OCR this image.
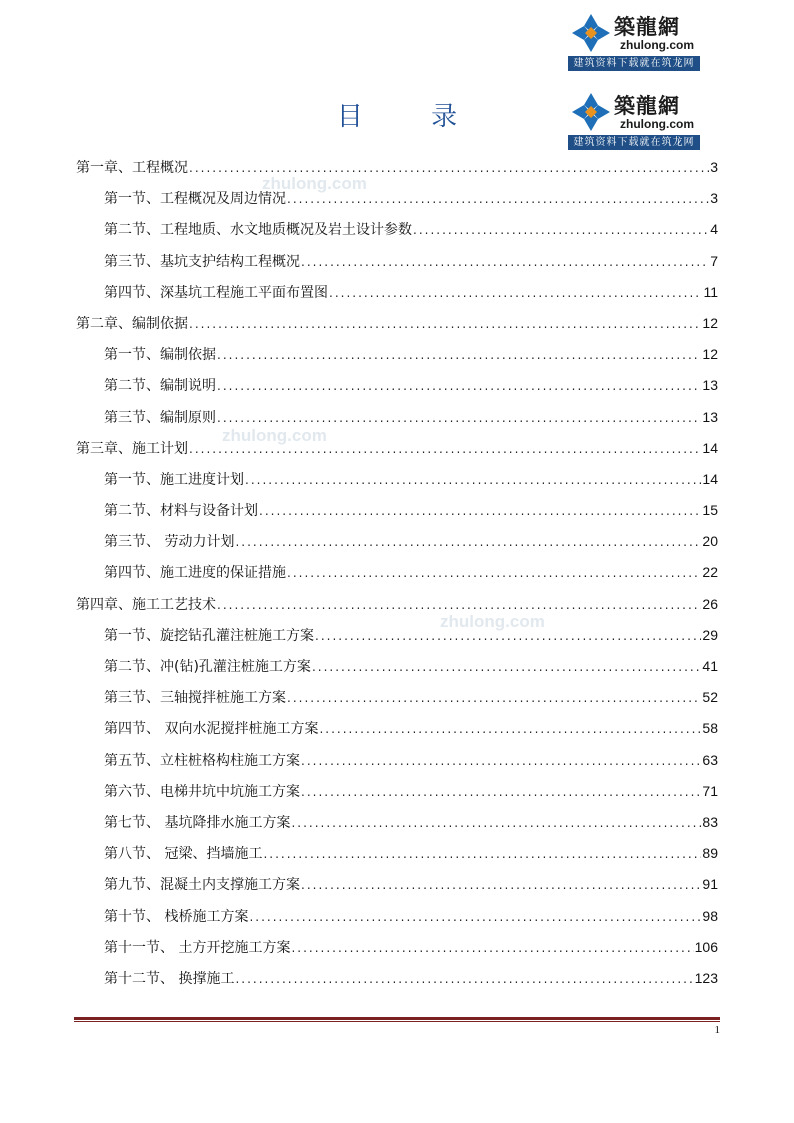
築龍網
zhulong.com
建筑资料下载就在筑龙网
築龍網
zhulong.com
建筑资料下载就在筑龙网
zhulong.com
zhulong.com
zhulong.com
目 录
第一章、工程概况 .....	3
第一节、工程概况及周边情况 .....	3
第二节、工程地质、水文地质概况及岩土设计参数 .....	4
第三节、基坑支护结构工程概况 .....	7
第四节、深基坑工程施工平面布置图 .....	11
第二章、编制依据 .....	12
第一节、编制依据 .....	12
第二节、编制说明 .....	13
第三节、编制原则 .....	13
第三章、施工计划 .....	14
第一节、施工进度计划 .....	14
第二节、材料与设备计划 .....	15
第三节、 劳动力计划 .....	20
第四节、施工进度的保证措施 .....	22
第四章、施工工艺技术 .....	26
第一节、旋挖钻孔灌注桩施工方案 .....	29
第二节、冲(钻)孔灌注桩施工方案 .....	41
第三节、三轴搅拌桩施工方案 .....	52
第四节、 双向水泥搅拌桩施工方案 .....	58
第五节、立柱桩格构柱施工方案 .....	63
第六节、电梯井坑中坑施工方案 .....	71
第七节、 基坑降排水施工方案 .....	83
第八节、 冠梁、挡墙施工 .....	89
第九节、混凝土内支撑施工方案 .....	91
第十节、 栈桥施工方案 .....	98
第十一节、 土方开挖施工方案 .....	106
第十二节、 换撑施工 .....	123
1
